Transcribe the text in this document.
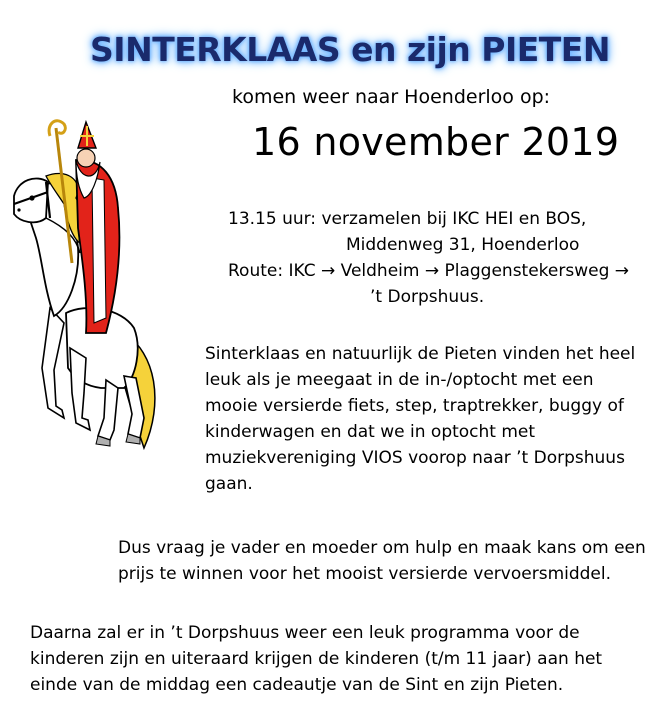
SINTERKLAAS en zijn PIETEN
komen weer naar Hoenderloo op:
16 november 2019
13.15 uur: verzamelen bij IKC HEI en BOS,
Middenweg 31, Hoenderloo
Route: IKC → Veldheim → Plaggenstekersweg →
’t Dorpshuus.
Sinterklaas en natuurlijk de Pieten vinden het heel
leuk als je meegaat in de in-/optocht met een
mooie versierde fiets, step, traptrekker, buggy of
kinderwagen en dat we in optocht met
muziekvereniging VIOS voorop naar ’t Dorpshuus
gaan.
Dus vraag je vader en moeder om hulp en maak kans om een
prijs te winnen voor het mooist versierde vervoersmiddel.
Daarna zal er in ’t Dorpshuus weer een leuk programma voor de
kinderen zijn en uiteraard krijgen de kinderen (t/m 11 jaar) aan het
einde van de middag een cadeautje van de Sint en zijn Pieten.
